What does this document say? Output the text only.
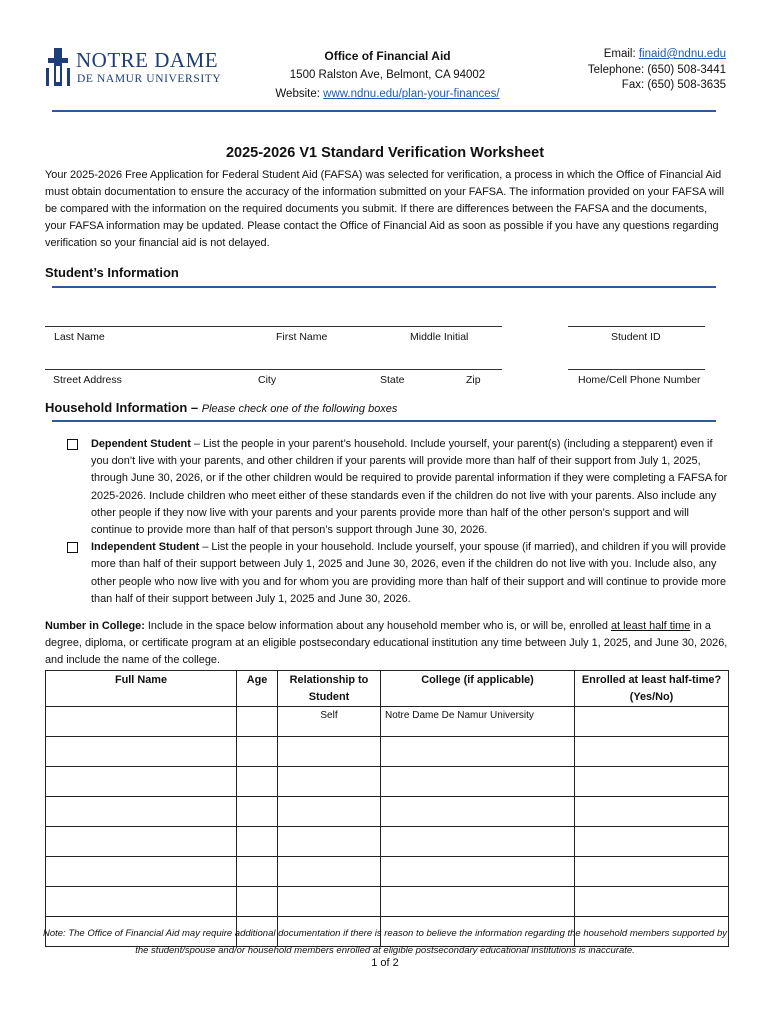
NOTRE DAME
DE NAMUR UNIVERSITY
Office of Financial Aid
1500 Ralston Ave, Belmont, CA 94002
Website: www.ndnu.edu/plan-your-finances/
Email: finaid@ndnu.edu
Telephone: (650) 508-3441
Fax: (650) 508-3635
2025-2026 V1 Standard Verification Worksheet
Your 2025-2026 Free Application for Federal Student Aid (FAFSA) was selected for verification, a process in which the Office of Financial Aid must obtain documentation to ensure the accuracy of the information submitted on your FAFSA. The information provided on your FAFSA will be compared with the information on the required documents you submit. If there are differences between the FAFSA and the documents, your FAFSA information may be updated. Please contact the Office of Financial Aid as soon as possible if you have any questions regarding verification so your financial aid is not delayed.
Student’s Information
Last Name	First Name	Middle Initial	Student ID
Street Address	City	State	Zip	Home/Cell Phone Number
Household Information – Please check one of the following boxes
Dependent Student – List the people in your parent’s household. Include yourself, your parent(s) (including a stepparent) even if you don’t live with your parents, and other children if your parents will provide more than half of their support from July 1, 2025, through June 30, 2026, or if the other children would be required to provide parental information if they were completing a FAFSA for 2025-2026. Include children who meet either of these standards even if the children do not live with your parents. Also include any other people if they now live with your parents and your parents provide more than half of the other person’s support and will continue to provide more than half of that person’s support through June 30, 2026.
Independent Student – List the people in your household. Include yourself, your spouse (if married), and children if you will provide more than half of their support between July 1, 2025 and June 30, 2026, even if the children do not live with you. Include also, any other people who now live with you and for whom you are providing more than half of their support and will continue to provide more than half of their support between July 1, 2025 and June 30, 2026.
Number in College: Include in the space below information about any household member who is, or will be, enrolled at least half time in a degree, diploma, or certificate program at an eligible postsecondary educational institution any time between July 1, 2025, and June 30, 2026, and include the name of the college.
Full Name	Age	Relationship to Student	College (if applicable)	Enrolled at least half-time? (Yes/No)
		Self	Notre Dame De Namur University	

Note: The Office of Financial Aid may require additional documentation if there is reason to believe the information regarding the household members supported by the student/spouse and/or household members enrolled at eligible postsecondary educational institutions is inaccurate.
1 of 2
